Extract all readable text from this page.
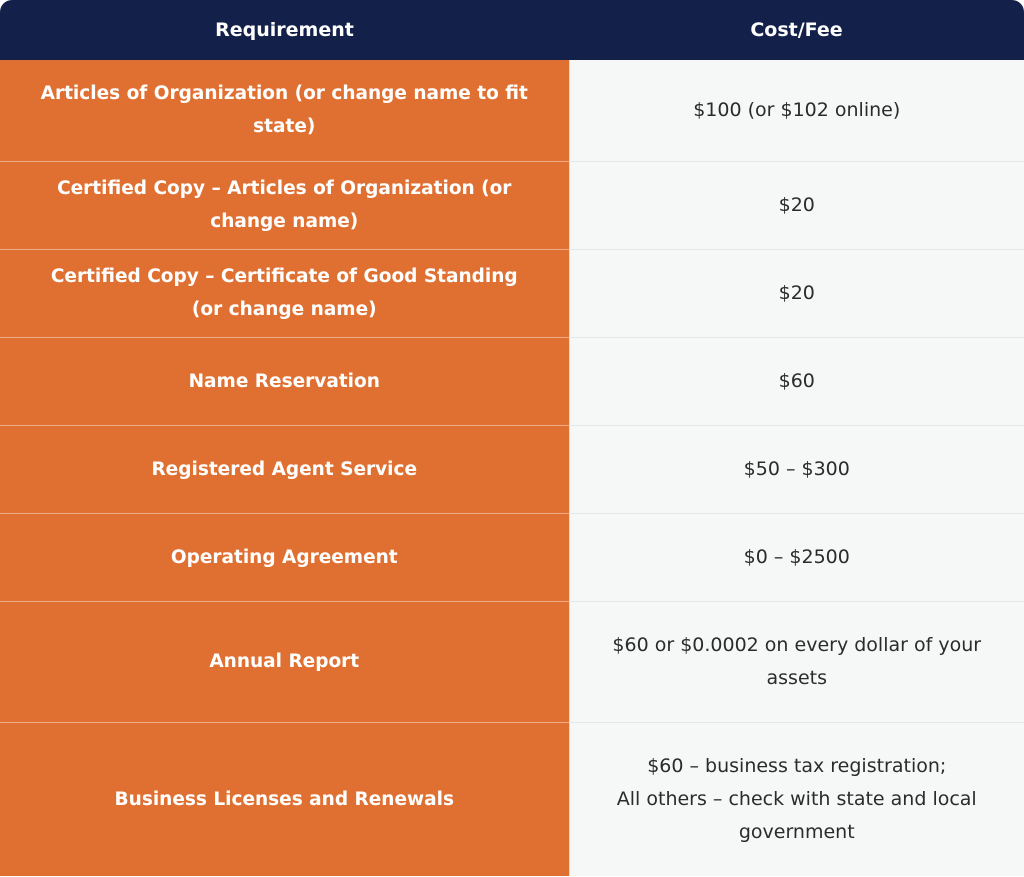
Requirement	Cost/Fee
Articles of Organization (or change name to fit state)	$100 (or $102 online)

Certified Copy – Articles of Organization (or change name)	$20

Certified Copy – Certificate of Good Standing (or change name)	$20

Name Reservation	$60

Registered Agent Service	$50 – $300

Operating Agreement	$0 – $2500

Annual Report	$60 or $0.0002 on every dollar of your assets

Business Licenses and Renewals	$60 – business tax registration;
All others – check with state and local government
